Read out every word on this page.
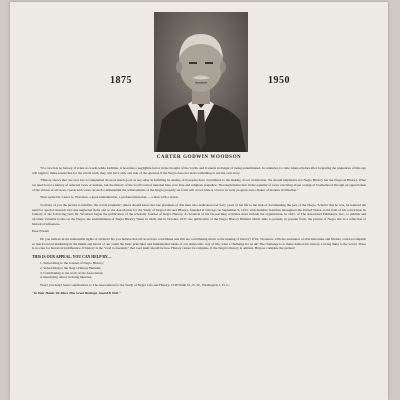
1875	1950
CARTER GODWIN WOODSON

"If a race has no history, if it has no worth-while tradition, it becomes a negligible factor in the thought of the world, and it stands in danger of being exterminated. In centuries to come when scholars after forgetting the prejudices of this age will begin to make researches for the whole truth, they will have only one side of the question if the Negro does not leave something to tell his own story.

"History shows that one race has accomplished about as much good as any other in fulfilling its destiny. All peoples have contributed to the making of our civilization. We should emphasize not Negro History but the Negro in History. What we need is not a history of selected races or nations, but the history of the world void of national bias, race hate and religious prejudice. Thorough instruction in the equality of races can bring about a reign of brotherhood through an appreciation of the virtues of all races, creeds and colors. In such a millennium the achievements of the Negro properly set forth will crown him as a factor in early progress and a maker of modern civilization."

Thus spoke Dr. Carter G. Woodson, a great humanitarian, a profound historian — a man with a vision.

To many of you the picture is familiar, the words prophetic; others should know the true greatness of this man who dedicated over forty years of his life to the task of documenting the past of the Negro. Scholar that he was, he realized the need for special research into this neglected field, and so the Association for the Study of Negro Life and History, founded at Chicago on September 9, 1915, with member branches throughout the United States, is the fruit of his conviction. In January of the following year, Dr. Woodson began the publication of the scholarly Journal of Negro History. A chronicle of his far-reaching activities must include the organization, in 1921, of The Associated Publishers, Inc., to publish and circulate valuable books on the Negro; the establishment of Negro History Week in 1926; and in October, 1937, the publication of the Negro History Bulletin which aims to present, in popular form, the picture of Negro life as a reflection of historical influences.

Dear Friend:

Do you believe in the inalienable rights of all men? Do you believe that all races have contributed and still are contributing much to the making of history? If Dr. Woodson, with the assistance of able historians and friends, could accomplish so much toward instituting in the minds and hearts of our youth the basic principles and fundamental ideals of our democratic way of life, what a challenge for us all! The challenge is to make democratic history a living thing to the world. There is no cure for historical indifference. If history is the "road to freedom," that road itself should be free. History cannot be complete, if the Negro's history is omitted. Help us complete the picture!

THIS IS OUR APPEAL. YOU CAN HELP BY—
1. Subscribing to the Journal of Negro History;
2. Subscribing to the Negro History Bulletin;
3. Contributing to the work of the Association;
4. Interesting others in doing likewise.

Won't you help? Send contributions to The Association for the Study of Negro Life and History, 1538 Ninth St., N. W., Washington 1, D. C.

"In Your Hands We Place This Great Heritage. Guard It Well."
